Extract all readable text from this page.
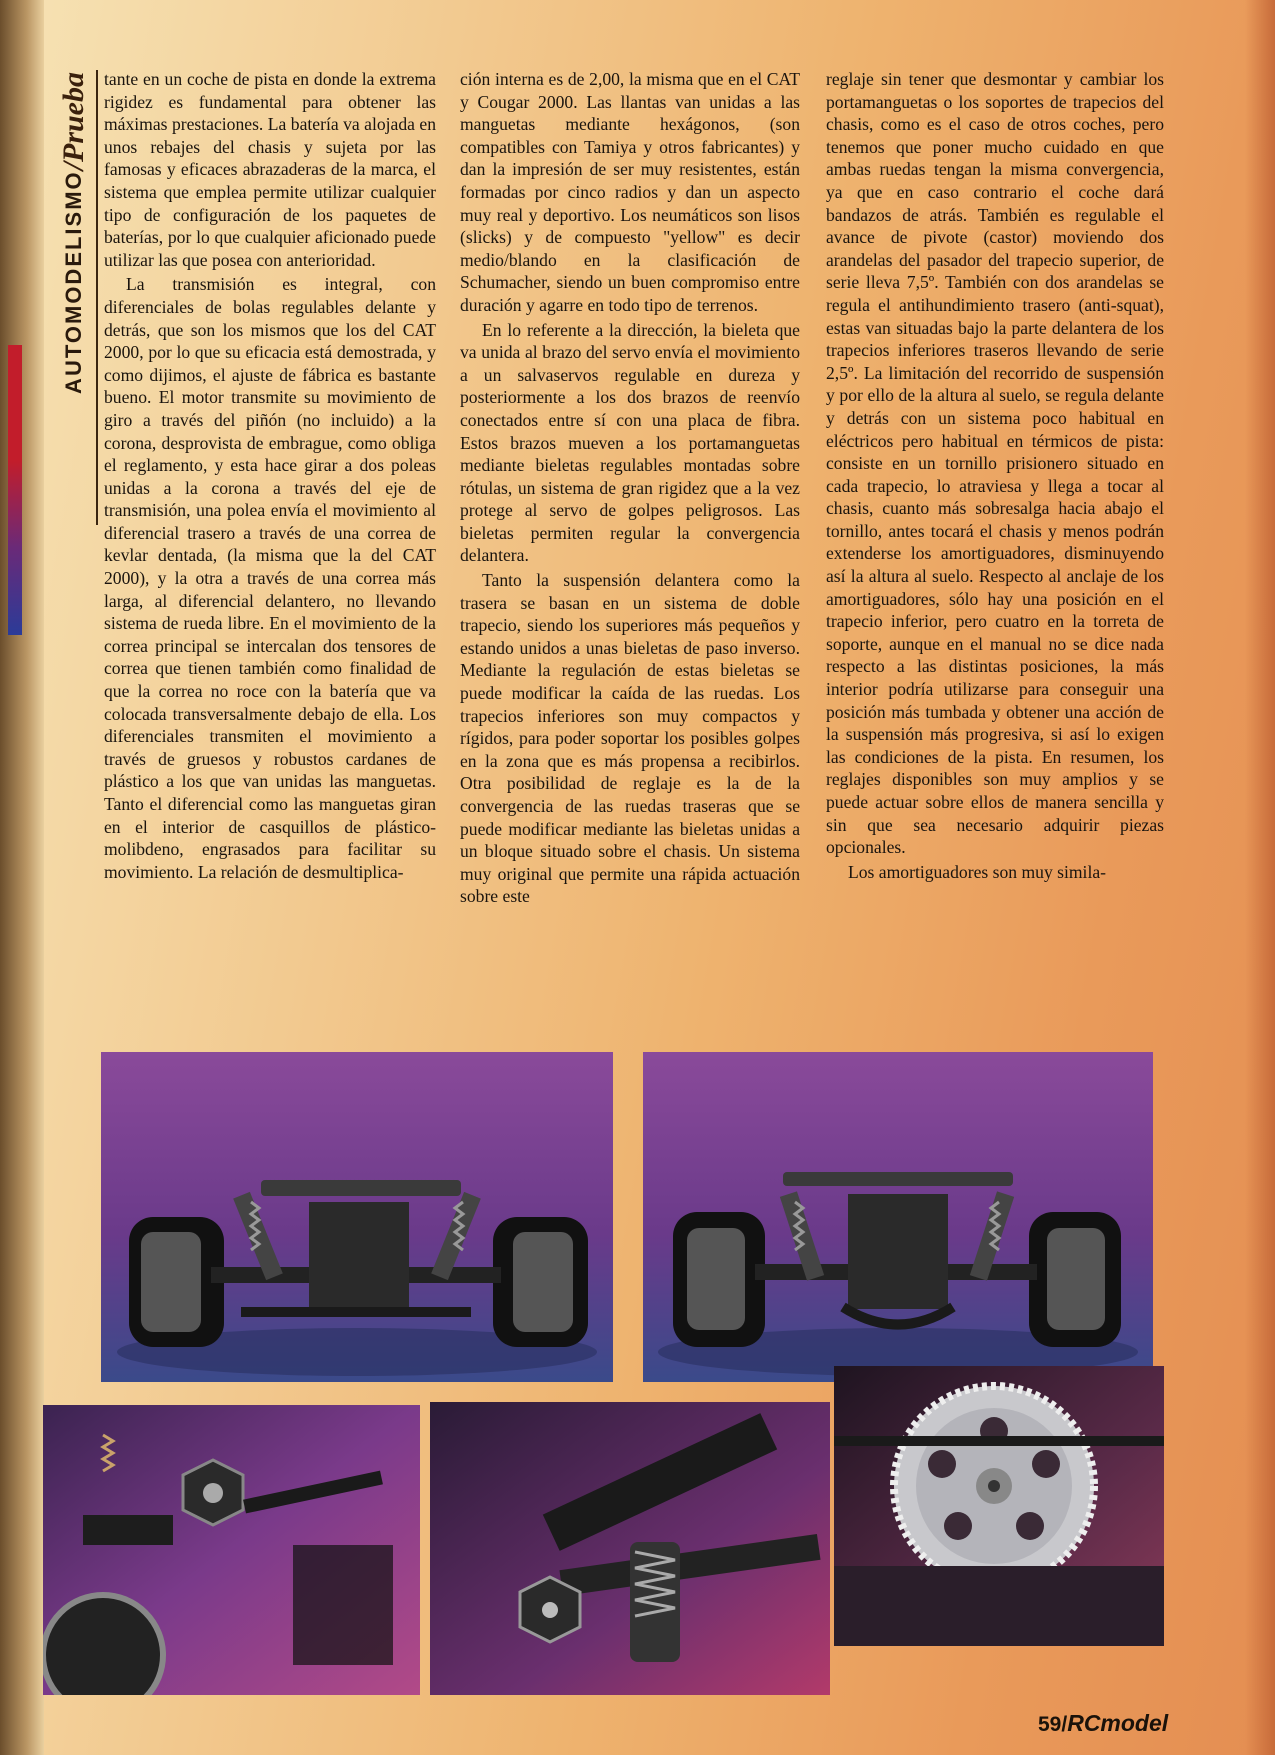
AUTOMODELISMO
/
Prueba tante en un coche de pista en donde la extrema rigidez es fundamental para obtener las máximas prestaciones. La batería va alojada en unos rebajes del chasis y sujeta por las famosas y eficaces abrazaderas de la marca, el sistema que emplea permite utilizar cualquier tipo de configuración de los paquetes de baterías, por lo que cualquier aficionado puede utilizar las que posea con anterioridad.

La transmisión es integral, con diferenciales de bolas regulables delante y detrás, que son los mismos que los del CAT 2000, por lo que su eficacia está demostrada, y como dijimos, el ajuste de fábrica es bastante bueno. El motor transmite su movimiento de giro a través del piñón (no incluido) a la corona, desprovista de embrague, como obliga el reglamento, y esta hace girar a dos poleas unidas a la corona a través del eje de transmisión, una polea envía el movimiento al diferencial trasero a través de una correa de kevlar dentada, (la misma que la del CAT 2000), y la otra a través de una correa más larga, al diferencial delantero, no llevando sistema de rueda libre. En el movimiento de la correa principal se intercalan dos tensores de correa que tienen también como finalidad de que la correa no roce con la batería que va colocada transversalmente debajo de ella. Los diferenciales transmiten el movimiento a través de gruesos y robustos cardanes de plástico a los que van unidas las manguetas. Tanto el diferencial como las manguetas giran en el interior de casquillos de plástico-molibdeno, engrasados para facilitar su movimiento. La relación de desmultiplica-

ción interna es de 2,00, la misma que en el CAT y Cougar 2000. Las llantas van unidas a las manguetas mediante hexágonos, (son compatibles con Tamiya y otros fabricantes) y dan la impresión de ser muy resistentes, están formadas por cinco radios y dan un aspecto muy real y deportivo. Los neumáticos son lisos (slicks) y de compuesto "yellow" es decir medio/blando en la clasificación de Schumacher, siendo un buen compromiso entre duración y agarre en todo tipo de terrenos.

En lo referente a la dirección, la bieleta que va unida al brazo del servo envía el movimiento a un salvaservos regulable en dureza y posteriormente a los dos brazos de reenvío conectados entre sí con una placa de fibra. Estos brazos mueven a los portamanguetas mediante bieletas regulables montadas sobre rótulas, un sistema de gran rigidez que a la vez protege al servo de golpes peligrosos. Las bieletas permiten regular la convergencia delantera.

Tanto la suspensión delantera como la trasera se basan en un sistema de doble trapecio, siendo los superiores más pequeños y estando unidos a unas bieletas de paso inverso. Mediante la regulación de estas bieletas se puede modificar la caída de las ruedas. Los trapecios inferiores son muy compactos y rígidos, para poder soportar los posibles golpes en la zona que es más propensa a recibirlos. Otra posibilidad de reglaje es la de la convergencia de las ruedas traseras que se puede modificar mediante las bieletas unidas a un bloque situado sobre el chasis. Un sistema muy original que permite una rápida actuación sobre este

reglaje sin tener que desmontar y cambiar los portamanguetas o los soportes de trapecios del chasis, como es el caso de otros coches, pero tenemos que poner mucho cuidado en que ambas ruedas tengan la misma convergencia, ya que en caso contrario el coche dará bandazos de atrás. También es regulable el avance de pivote (castor) moviendo dos arandelas del pasador del trapecio superior, de serie lleva 7,5º. También con dos arandelas se regula el antihundimiento trasero (anti-squat), estas van situadas bajo la parte delantera de los trapecios inferiores traseros llevando de serie 2,5º. La limitación del recorrido de suspensión y por ello de la altura al suelo, se regula delante y detrás con un sistema poco habitual en eléctricos pero habitual en térmicos de pista: consiste en un tornillo prisionero situado en cada trapecio, lo atraviesa y llega a tocar al chasis, cuanto más sobresalga hacia abajo el tornillo, antes tocará el chasis y menos podrán extenderse los amortiguadores, disminuyendo así la altura al suelo. Respecto al anclaje de los amortiguadores, sólo hay una posición en el trapecio inferior, pero cuatro en la torreta de soporte, aunque en el manual no se dice nada respecto a las distintas posiciones, la más interior podría utilizarse para conseguir una posición más tumbada y obtener una acción de la suspensión más progresiva, si así lo exigen las condiciones de la pista. En resumen, los reglajes disponibles son muy amplios y se puede actuar sobre ellos de manera sencilla y sin que sea necesario adquirir piezas opcionales.

Los amortiguadores son muy simila-

59/RCmodel
